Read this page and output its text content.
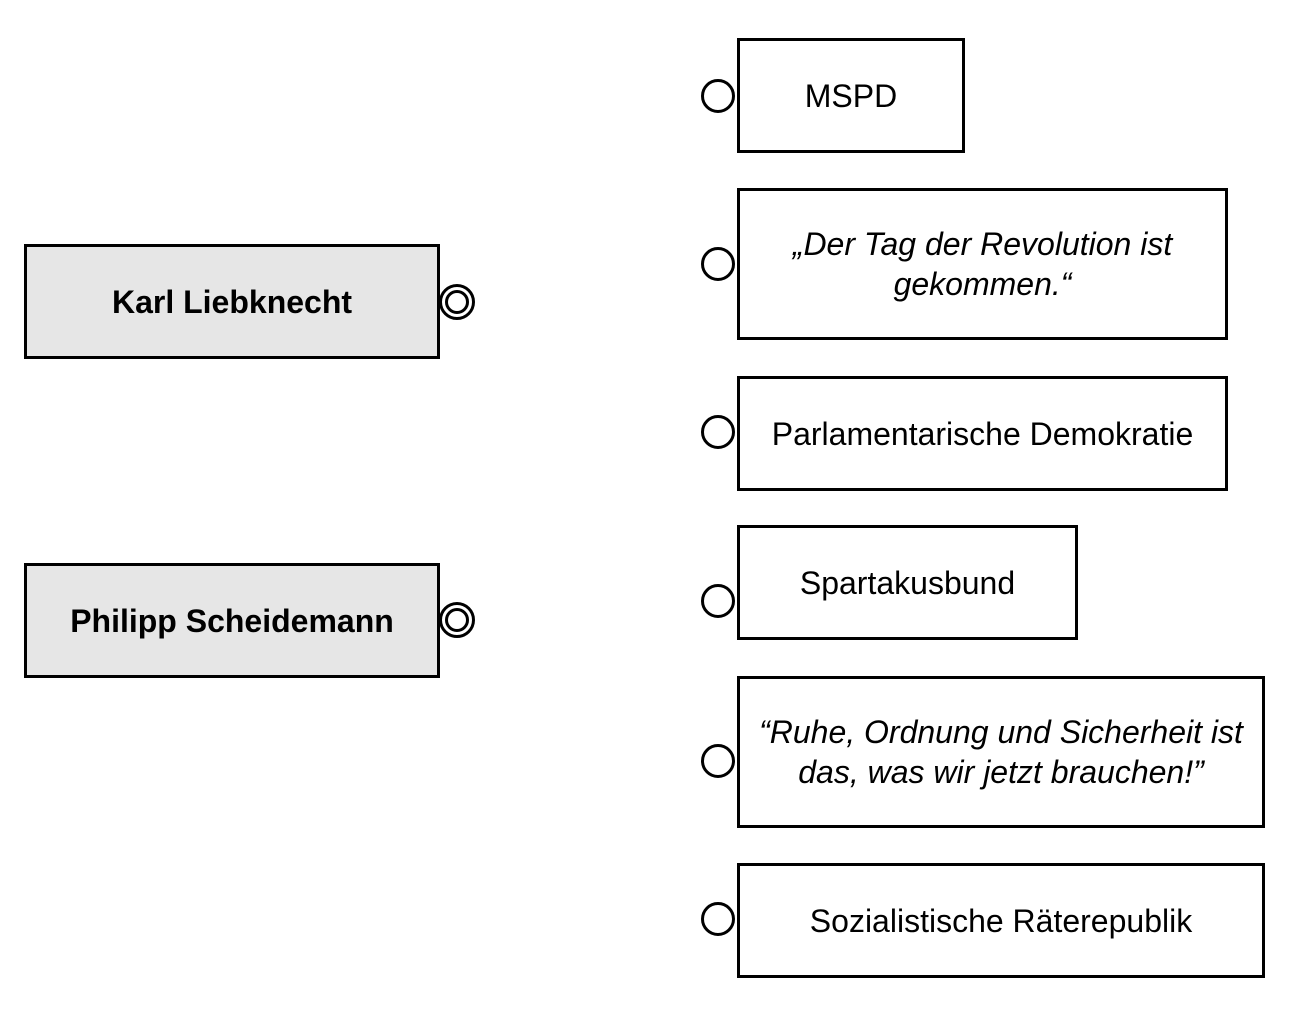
Karl Liebknecht
Philipp Scheidemann
MSPD
„Der Tag der Revolution ist gekommen.“
Parlamentarische Demokratie
Spartakusbund
“Ruhe, Ordnung und Sicherheit ist das, was wir jetzt brauchen!”
Sozialistische Räterepublik
